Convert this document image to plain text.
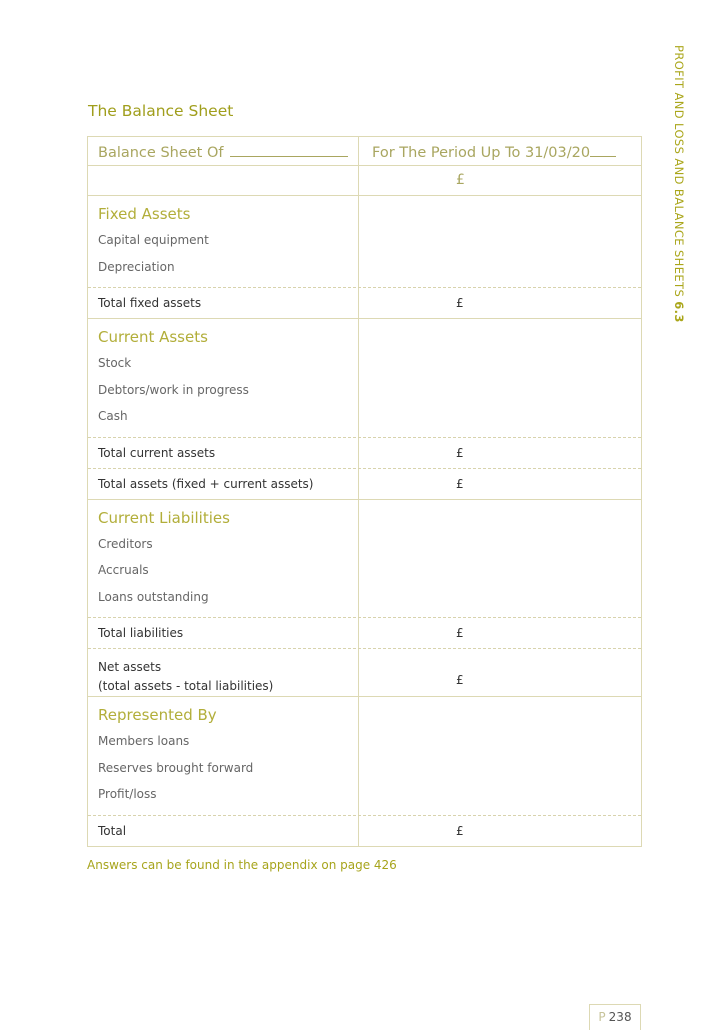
PROFIT AND LOSS AND BALANCE SHEETS 6.3
The Balance Sheet
Balance Sheet Of	For The Period Up To 31/03/20
£
Fixed Assets
Capital equipment
Depreciation
Total fixed assets	£
Current Assets
Stock
Debtors/work in progress
Cash
Total current assets	£
Total assets (fixed + current assets)	£
Current Liabilities
Creditors
Accruals
Loans outstanding
Total liabilities	£
Net assets
(total assets - total liabilities)	£
Represented By
Members loans
Reserves brought forward
Profit/loss
Total	£
Answers can be found in the appendix on page 426
P 238
